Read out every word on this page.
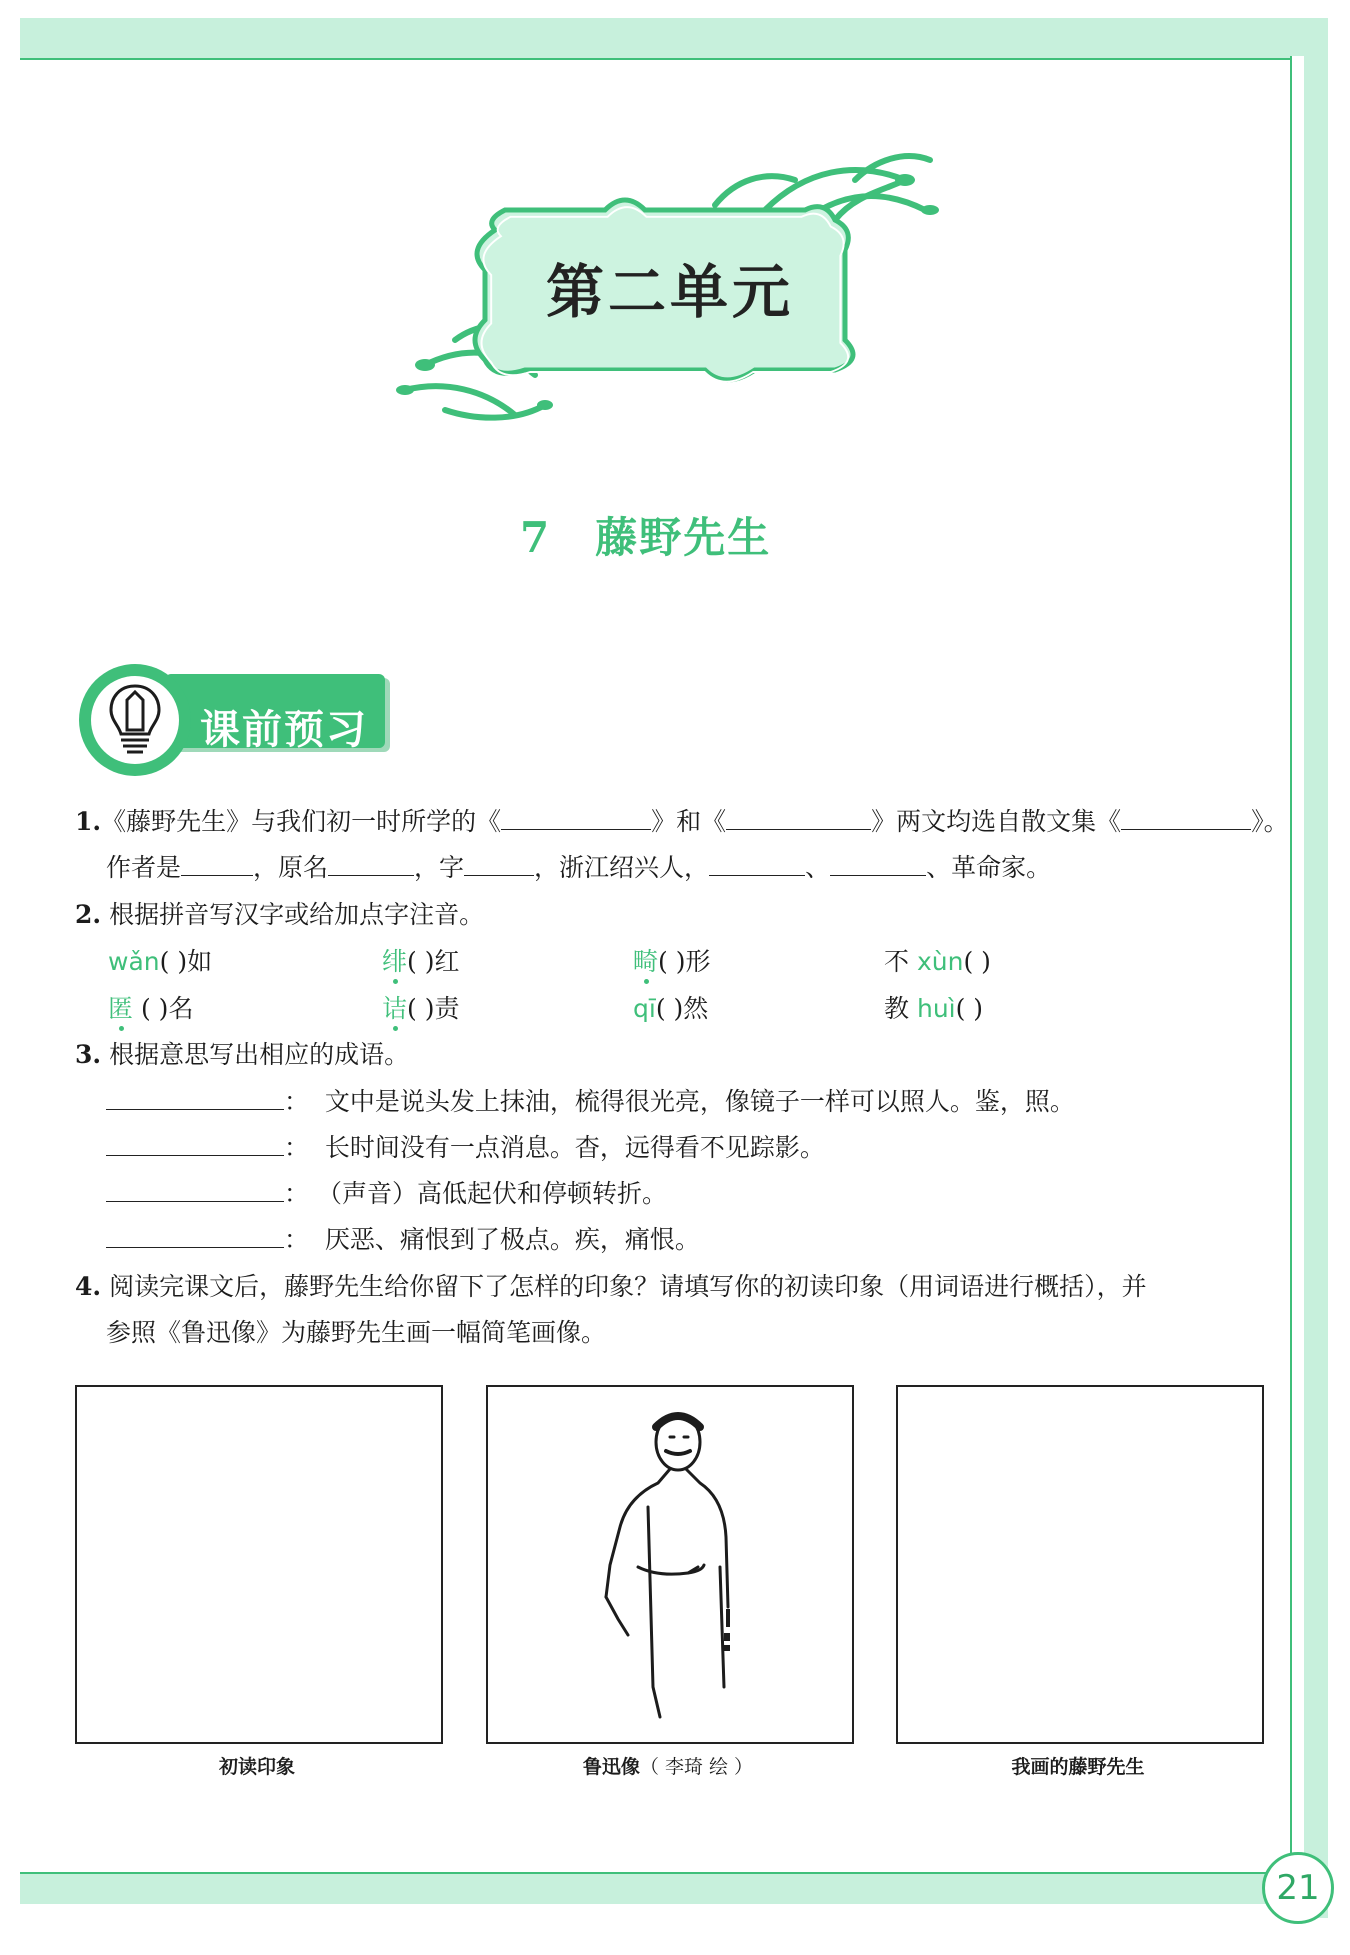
21
第二单元
7 藤野先生
课前预习
1.《藤野先生》与我们初一时所学的《	》和《	》两文均选自散文集《	》。
作者是	，原名	，字	，浙江绍兴人，	、	、革命家。
2. 根据拼音写汉字或给加点字注音。
wǎn( )如	绯( )红	畸( )形	不 xùn( )
匿 ( )名	诘( )责	qī( )然	教 huì( )
3. 根据意思写出相应的成语。
： 文中是说头发上抹油，梳得很光亮，像镜子一样可以照人。鉴，照。
： 长时间没有一点消息。杳，远得看不见踪影。
： （声音）高低起伏和停顿转折。
： 厌恶、痛恨到了极点。疾，痛恨。
4. 阅读完课文后，藤野先生给你留下了怎样的印象？请填写你的初读印象（用词语进行概括），并
参照《鲁迅像》为藤野先生画一幅简笔画像。
初读印象	鲁迅像（ 李琦 绘 ）	我画的藤野先生
